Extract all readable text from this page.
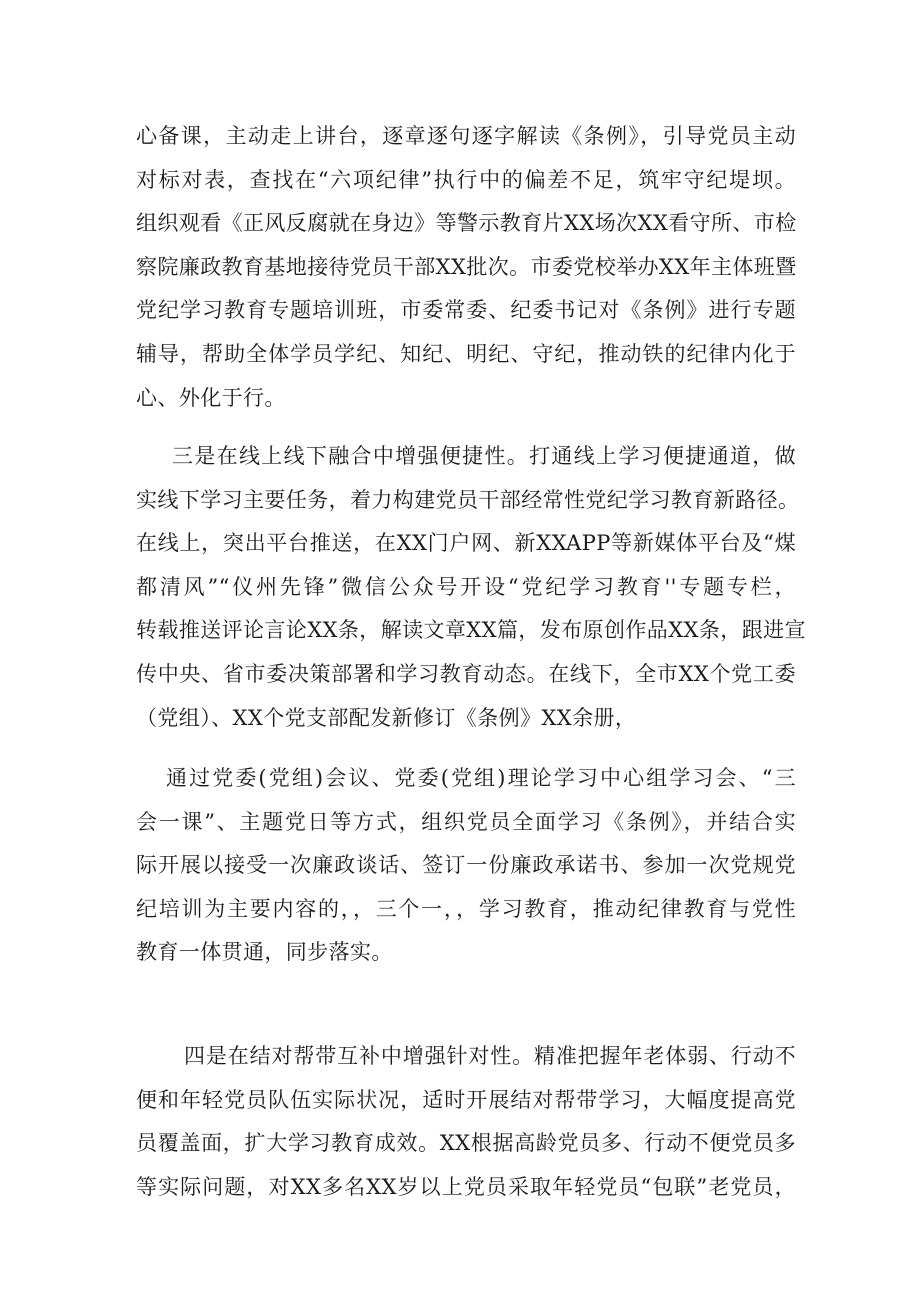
心备课，主动走上讲台，逐章逐句逐字解读《条例》，引导党员主动
对标对表，查找在“六项纪律”执行中的偏差不足，筑牢守纪堤坝。
组织观看《正风反腐就在身边》等警示教育片XX场次XX看守所、市检
察院廉政教育基地接待党员干部XX批次。市委党校举办XX年主体班暨
党纪学习教育专题培训班，市委常委、纪委书记对《条例》进行专题
辅导，帮助全体学员学纪、知纪、明纪、守纪，推动铁的纪律内化于
心、外化于行。
三是在线上线下融合中增强便捷性。打通线上学习便捷通道，做
实线下学习主要任务，着力构建党员干部经常性党纪学习教育新路径。
在线上，突出平台推送，在XX门户网、新XXAPP等新媒体平台及“煤
都清风”“仪州先锋”微信公众号开设“党纪学习教育''专题专栏，
转载推送评论言论XX条，解读文章XX篇，发布原创作品XX条，跟进宣
传中央、省市委决策部署和学习教育动态。在线下，全市XX个党工委
（党组）、XX个党支部配发新修订《条例》XX余册，
通过党委(党组)会议、党委(党组)理论学习中心组学习会、“三
会一课”、主题党日等方式，组织党员全面学习《条例》，并结合实
际开展以接受一次廉政谈话、签订一份廉政承诺书、参加一次党规党
纪培训为主要内容的，，三个一，，学习教育，推动纪律教育与党性
教育一体贯通，同步落实。
四是在结对帮带互补中增强针对性。精准把握年老体弱、行动不
便和年轻党员队伍实际状况，适时开展结对帮带学习，大幅度提高党
员覆盖面，扩大学习教育成效。XX根据高龄党员多、行动不便党员多
等实际问题，对XX多名XX岁以上党员采取年轻党员“包联”老党员，
